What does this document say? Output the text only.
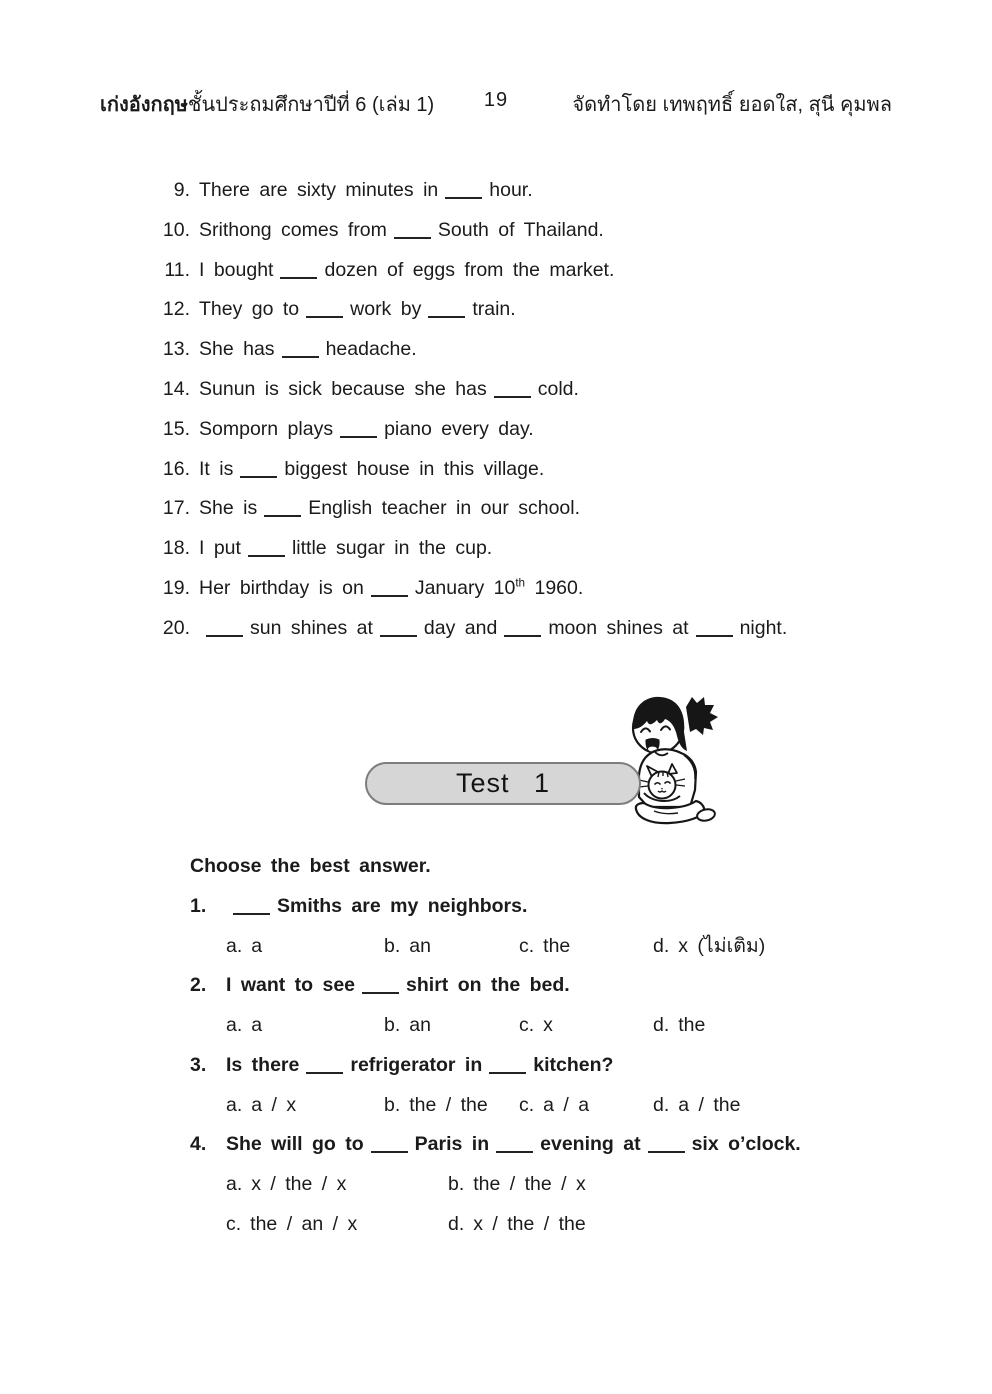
เก่งอังกฤษชั้นประถมศึกษาปีที่ 6 (เล่ม 1)	19	จัดทำโดย เทพฤทธิ์ ยอดใส, สุนี คุมพล
9. There are sixty minutes in	hour.
10. Srithong comes from	South of Thailand.
11. I bought	dozen of eggs from the market.
12. They go to	work by	train.
13. She has	headache.
14. Sunun is sick because she has	cold.
15. Somporn plays	piano every day.
16. It is	biggest house in this village.
17. She is	English teacher in our school.
18. I put	little sugar in the cup.
19. Her birthday is on	January 10th 1960.
20.	sun shines at	day and	moon shines at	night.
Test 1
Choose the best answer.
1.	Smiths are my neighbors.
a. a	b. an	c. the	d. x (ไม่เติม)
2.	I want to see	shirt on the bed.
a. a	b. an	c. x	d. the
3.	Is there	refrigerator in	kitchen?
a. a / x	b. the / the	c. a / a	d. a / the
4.	She will go to	Paris in	evening at	six o’clock.
a. x / the / x	b. the / the / x
c. the / an / x	d. x / the / the
